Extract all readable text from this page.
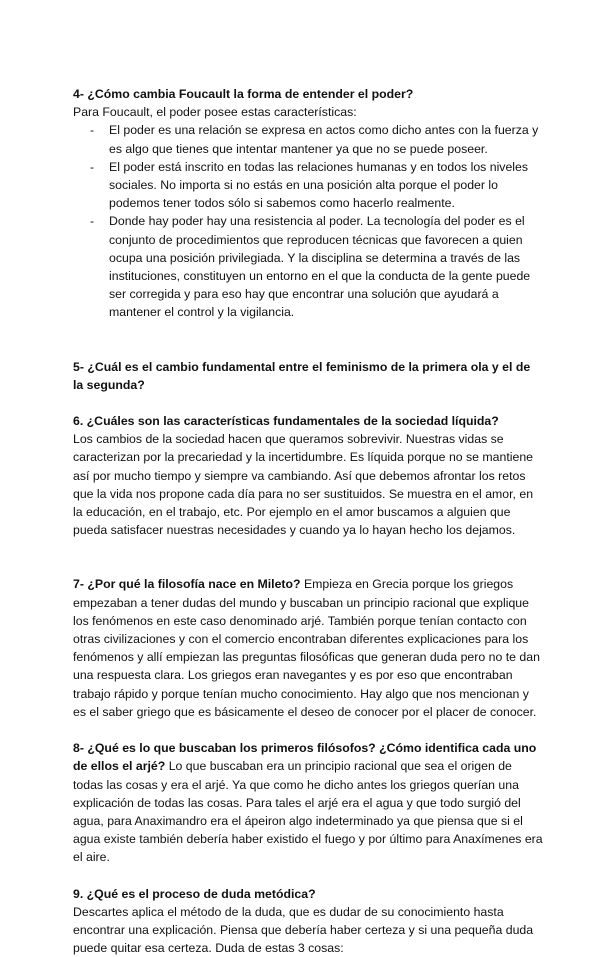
4- ¿Cómo cambia Foucault la forma de entender el poder?

Para Foucault, el poder posee estas características:

- El poder es una relación se expresa en actos como dicho antes con la fuerza y es algo que tienes que intentar mantener ya que no se puede poseer.
- El poder está inscrito en todas las relaciones humanas y en todos los niveles sociales. No importa si no estás en una posición alta porque el poder lo podemos tener todos sólo si sabemos como hacerlo realmente.
- Donde hay poder hay una resistencia al poder. La tecnología del poder es el conjunto de procedimientos que reproducen técnicas que favorecen a quien ocupa una posición privilegiada. Y la disciplina se determina a través de las instituciones, constituyen un entorno en el que la conducta de la gente puede ser corregida y para eso hay que encontrar una solución que ayudará a mantener el control y la vigilancia.

5- ¿Cuál es el cambio fundamental entre el feminismo de la primera ola y el de la segunda?

6. ¿Cuáles son las características fundamentales de la sociedad líquida?

Los cambios de la sociedad hacen que queramos sobrevivir. Nuestras vidas se caracterizan por la precariedad y la incertidumbre. Es líquida porque no se mantiene así por mucho tiempo y siempre va cambiando. Así que debemos afrontar los retos que la vida nos propone cada día para no ser sustituidos. Se muestra en el amor, en la educación, en el trabajo, etc. Por ejemplo en el amor buscamos a alguien que pueda satisfacer nuestras necesidades y cuando ya lo hayan hecho los dejamos.

7- ¿Por qué la filosofía nace en Mileto? Empieza en Grecia porque los griegos empezaban a tener dudas del mundo y buscaban un principio racional que explique los fenómenos en este caso denominado arjé. También porque tenían contacto con otras civilizaciones y con el comercio encontraban diferentes explicaciones para los fenómenos y allí empiezan las preguntas filosóficas que generan duda pero no te dan una respuesta clara. Los griegos eran navegantes y es por eso que encontraban trabajo rápido y porque tenían mucho conocimiento. Hay algo que nos mencionan y es el saber griego que es básicamente el deseo de conocer por el placer de conocer.

8- ¿Qué es lo que buscaban los primeros filósofos? ¿Cómo identifica cada uno de ellos el arjé? Lo que buscaban era un principio racional que sea el origen de todas las cosas y era el arjé. Ya que como he dicho antes los griegos querían una explicación de todas las cosas. Para tales el arjé era el agua y que todo surgió del agua, para Anaximandro era el ápeiron algo indeterminado ya que piensa que si el agua existe también debería haber existido el fuego y por último para Anaxímenes era el aire.

9. ¿Qué es el proceso de duda metódica?

Descartes aplica el método de la duda, que es dudar de su conocimiento hasta encontrar una explicación. Piensa que debería haber certeza y si una pequeña duda puede quitar esa certeza. Duda de estas 3 cosas:
